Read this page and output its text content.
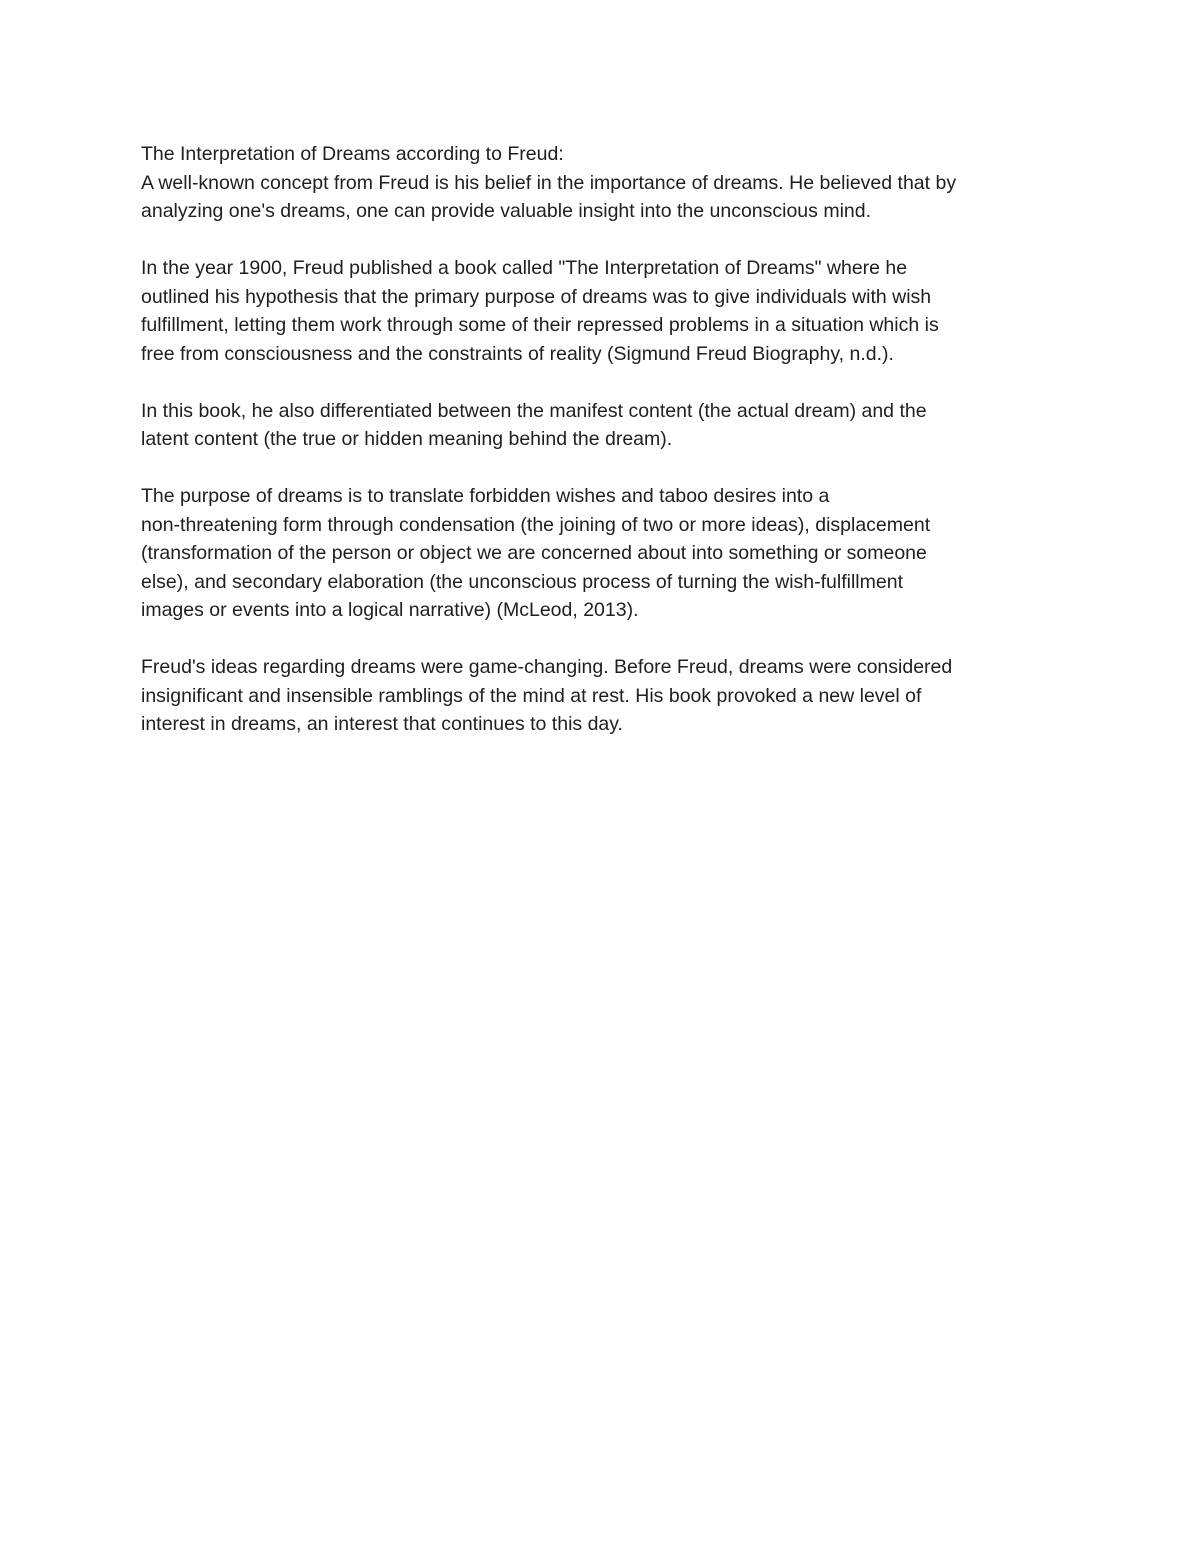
The Interpretation of Dreams according to Freud:
A well-known concept from Freud is his belief in the importance of dreams. He believed that by
analyzing one's dreams, one can provide valuable insight into the unconscious mind.
In the year 1900, Freud published a book called "The Interpretation of Dreams" where he
outlined his hypothesis that the primary purpose of dreams was to give individuals with wish
fulfillment, letting them work through some of their repressed problems in a situation which is
free from consciousness and the constraints of reality (Sigmund Freud Biography, n.d.).
In this book, he also differentiated between the manifest content (the actual dream) and the
latent content (the true or hidden meaning behind the dream).
The purpose of dreams is to translate forbidden wishes and taboo desires into a
non-threatening form through condensation (the joining of two or more ideas), displacement
(transformation of the person or object we are concerned about into something or someone
else), and secondary elaboration (the unconscious process of turning the wish-fulfillment
images or events into a logical narrative) (McLeod, 2013).
Freud's ideas regarding dreams were game-changing. Before Freud, dreams were considered
insignificant and insensible ramblings of the mind at rest. His book provoked a new level of
interest in dreams, an interest that continues to this day.
